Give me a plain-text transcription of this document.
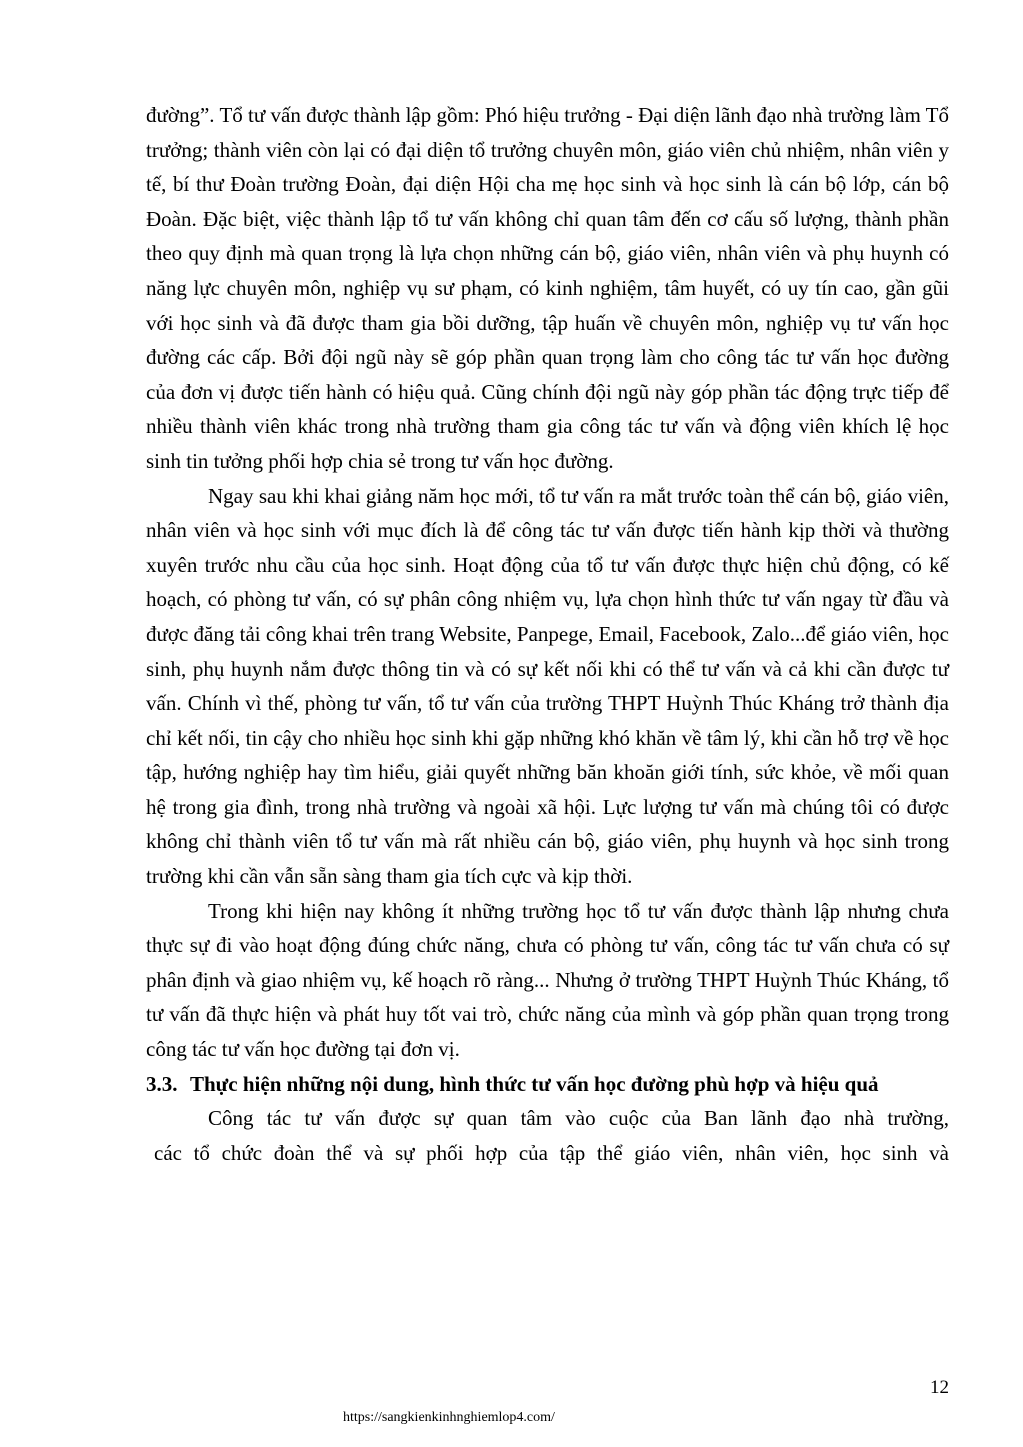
đường”. Tổ tư vấn được thành lập gồm: Phó hiệu trưởng - Đại diện lãnh đạo nhà trường làm Tổ trưởng; thành viên còn lại có đại diện tổ trưởng chuyên môn, giáo viên chủ nhiệm, nhân viên y tế, bí thư Đoàn trường Đoàn, đại diện Hội cha mẹ học sinh và học sinh là cán bộ lớp, cán bộ Đoàn. Đặc biệt, việc thành lập tổ tư vấn không chỉ quan tâm đến cơ cấu số lượng, thành phần theo quy định mà quan trọng là lựa chọn những cán bộ, giáo viên, nhân viên và phụ huynh có năng lực chuyên môn, nghiệp vụ sư phạm, có kinh nghiệm, tâm huyết, có uy tín cao, gần gũi với học sinh và đã được tham gia bồi dưỡng, tập huấn về chuyên môn, nghiệp vụ tư vấn học đường các cấp. Bởi đội ngũ này sẽ góp phần quan trọng làm cho công tác tư vấn học đường của đơn vị được tiến hành có hiệu quả. Cũng chính đội ngũ này góp phần tác động trực tiếp để nhiều thành viên khác trong nhà trường tham gia công tác tư vấn và động viên khích lệ học sinh tin tưởng phối hợp chia sẻ trong tư vấn học đường.

Ngay sau khi khai giảng năm học mới, tổ tư vấn ra mắt trước toàn thể cán bộ, giáo viên, nhân viên và học sinh với mục đích là để công tác tư vấn được tiến hành kịp thời và thường xuyên trước nhu cầu của học sinh. Hoạt động của tổ tư vấn được thực hiện chủ động, có kế hoạch, có phòng tư vấn, có sự phân công nhiệm vụ, lựa chọn hình thức tư vấn ngay từ đầu và được đăng tải công khai trên trang Website, Panpege, Email, Facebook, Zalo...để giáo viên, học sinh, phụ huynh nắm được thông tin và có sự kết nối khi có thể tư vấn và cả khi cần được tư vấn. Chính vì thế, phòng tư vấn, tổ tư vấn của trường THPT Huỳnh Thúc Kháng trở thành địa chỉ kết nối, tin cậy cho nhiều học sinh khi gặp những khó khăn về tâm lý, khi cần hỗ trợ về học tập, hướng nghiệp hay tìm hiểu, giải quyết những băn khoăn giới tính, sức khỏe, về mối quan hệ trong gia đình, trong nhà trường và ngoài xã hội. Lực lượng tư vấn mà chúng tôi có được không chỉ thành viên tổ tư vấn mà rất nhiều cán bộ, giáo viên, phụ huynh và học sinh trong trường khi cần vẫn sẵn sàng tham gia tích cực và kịp thời.

Trong khi hiện nay không ít những trường học tổ tư vấn được thành lập nhưng chưa thực sự đi vào hoạt động đúng chức năng, chưa có phòng tư vấn, công tác tư vấn chưa có sự phân định và giao nhiệm vụ, kế hoạch rõ ràng... Nhưng ở trường THPT Huỳnh Thúc Kháng, tổ tư vấn đã thực hiện và phát huy tốt vai trò, chức năng của mình và góp phần quan trọng trong công tác tư vấn học đường tại đơn vị.

3.3. Thực hiện những nội dung, hình thức tư vấn học đường phù hợp và hiệu quả

Công tác tư vấn được sự quan tâm vào cuộc của Ban lãnh đạo nhà trường,
các tổ chức đoàn thể và sự phối hợp của tập thể giáo viên, nhân viên, học sinh và

12
https://sangkienkinhnghiemlop4.com/
